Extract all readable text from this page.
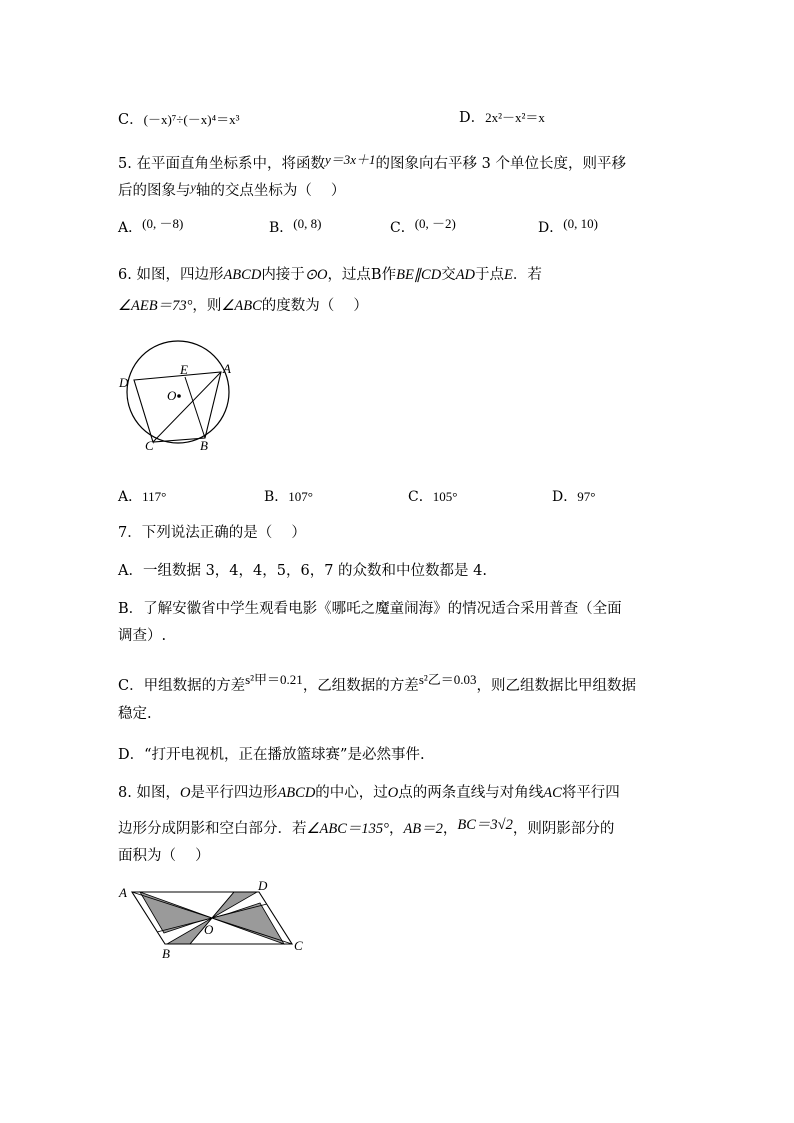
C．(－x)⁷÷(－x)⁴＝x³	D．2x²－x²＝x
5. 在平面直角坐标系中，将函数y＝3x＋1的图象向右平移 3 个单位长度，则平移
后的图象与$^y$轴的交点坐标为（　 ）
A．(0, －8)	B．(0, 8)	C．(0, －2)	D．(0, 10)
6. 如图，四边形ABCD内接于⊙O，过点B作BE∥CD交AD于点E．若
∠AEB＝73°，则∠ABC的度数为（　 ）
A
B
C
D
E
O
A．117°	B．107°	C．105°	D．97°
7．下列说法正确的是（　 ）
A．一组数据 3，4，4，5，6，7 的众数和中位数都是 4.
B．了解安徽省中学生观看电影《哪吒之魔童闹海》的情况适合采用普查（全面
调查）.
C．甲组数据的方差s²甲＝0.21，乙组数据的方差s²乙＝0.03，则乙组数据比甲组数据
稳定.
D．“打开电视机，正在播放篮球赛”是必然事件.
8. 如图，O是平行四边形ABCD的中心，过O点的两条直线与对角线AC将平行四
边形分成阴影和空白部分．若∠ABC＝135°，AB＝2，BC＝3√2，则阴影部分的
面积为（　 ）
A	D
B
C
O
